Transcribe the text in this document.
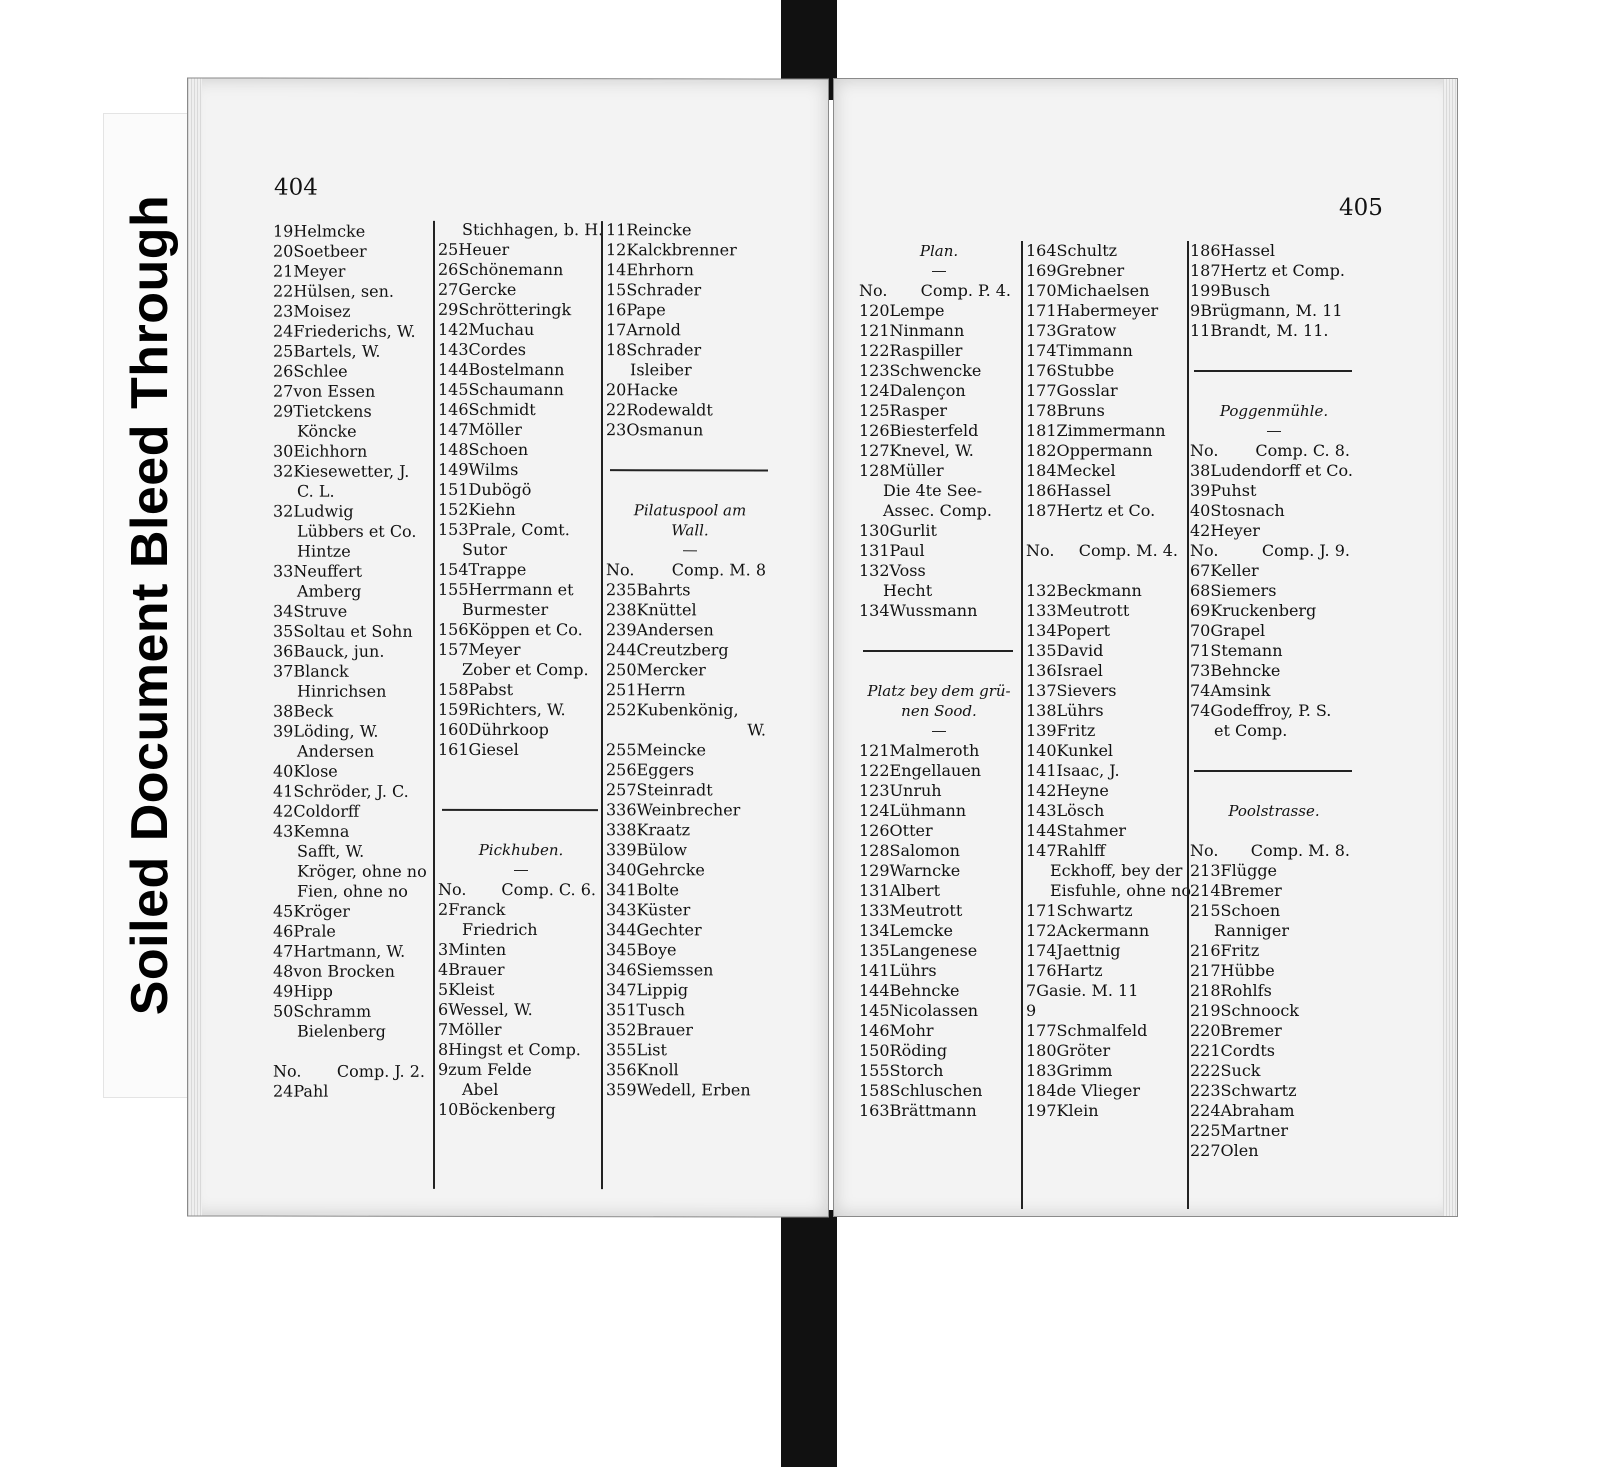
Soiled Document Bleed Through
404
19Helmcke
20Soetbeer
21Meyer
22Hülsen, sen.
23Moisez
24Friederichs, W.
25Bartels, W.
26Schlee
27von Essen
29Tietckens
Köncke
30Eichhorn
32Kiesewetter, J.
C. L.
32Ludwig
Lübbers et Co.
Hintze
33Neuffert
Amberg
34Struve
35Soltau et Sohn
36Bauck, jun.
37Blanck
Hinrichsen
38Beck
39Löding, W.
Andersen
40Klose
41Schröder, J. C.
42Coldorff
43Kemna
Safft, W.
Kröger, ohne no
Fien, ohne no
45Kröger
46Prale
47Hartmann, W.
48von Brocken
49Hipp
50Schramm
Bielenberg
No. Comp. J. 2.
24Pahl
Stichhagen, b. H.
25Heuer
26Schönemann
27Gercke
29Schrötteringk
142Muchau
143Cordes
144Bostelmann
145Schaumann
146Schmidt
147Möller
148Schoen
149Wilms
151Dubögö
152Kiehn
153Prale, Comt.
Sutor
154Trappe
155Herrmann et
Burmester
156Köppen et Co.
157Meyer
Zober et Comp.
158Pabst
159Richters, W.
160Dührkoop
161Giesel
Pickhuben.
No. Comp. C. 6.
2Franck
Friedrich
3Minten
4Brauer
5Kleist
6Wessel, W.
7Möller
8Hingst et Comp.
9zum Felde
Abel
10Böckenberg
11Reincke
12Kalckbrenner
14Ehrhorn
15Schrader
16Pape
17Arnold
18Schrader
Isleiber
20Hacke
22Rodewaldt
23Osmanun
Pilatuspool am
Wall.
No. Comp. M. 8
235Bahrts
238Knüttel
239Andersen
244Creutzberg
250Mercker
251Herrn
252Kubenkönig,
W.
255Meincke
256Eggers
257Steinradt
336Weinbrecher
338Kraatz
339Bülow
340Gehrcke
341Bolte
343Küster
344Gechter
345Boye
346Siemssen
347Lippig
351Tusch
352Brauer
355List
356Knoll
359Wedell, Erben
405
Plan.
No. Comp. P. 4.
120Lempe
121Ninmann
122Raspiller
123Schwencke
124Dalençon
125Rasper
126Biesterfeld
127Knevel, W.
128Müller
Die 4te See-
Assec. Comp.
130Gurlit
131Paul
132Voss
Hecht
134Wussmann
Platz bey dem grü-
nen Sood.
121Malmeroth
122Engellauen
123Unruh
124Lühmann
126Otter
128Salomon
129Warncke
131Albert
133Meutrott
134Lemcke
135Langenese
141Lührs
144Behncke
145Nicolassen
146Mohr
150Röding
155Storch
158Schluschen
163Brättmann
164Schultz
169Grebner
170Michaelsen
171Habermeyer
173Gratow
174Timmann
176Stubbe
177Gosslar
178Bruns
181Zimmermann
182Oppermann
184Meckel
186Hassel
187Hertz et Co.
No. Comp. M. 4.
132Beckmann
133Meutrott
134Popert
135David
136Israel
137Sievers
138Lührs
139Fritz
140Kunkel
141Isaac, J.
142Heyne
143Lösch
144Stahmer
147Rahlff
Eckhoff, bey der
Eisfuhle, ohne no
171Schwartz
172Ackermann
174Jaettnig
176Hartz
7Gasie. M. 11
9
177Schmalfeld
180Gröter
183Grimm
184de Vlieger
197Klein
186Hassel
187Hertz et Comp.
199Busch
9Brügmann, M. 11
11Brandt, M. 11.
Poggenmühle.
No. Comp. C. 8.
38Ludendorff et Co.
39Puhst
40Stosnach
42Heyer
No.	Comp. J. 9.
67Keller
68Siemers
69Kruckenberg
70Grapel
71Stemann
73Behncke
74Amsink
74Godeffroy, P. S.
et Comp.
Poolstrasse.
No. Comp. M. 8.
213Flügge
214Bremer
215Schoen
Ranniger
216Fritz
217Hübbe
218Rohlfs
219Schnoock
220Bremer
221Cordts
222Suck
223Schwartz
224Abraham
225Martner
227Olen
